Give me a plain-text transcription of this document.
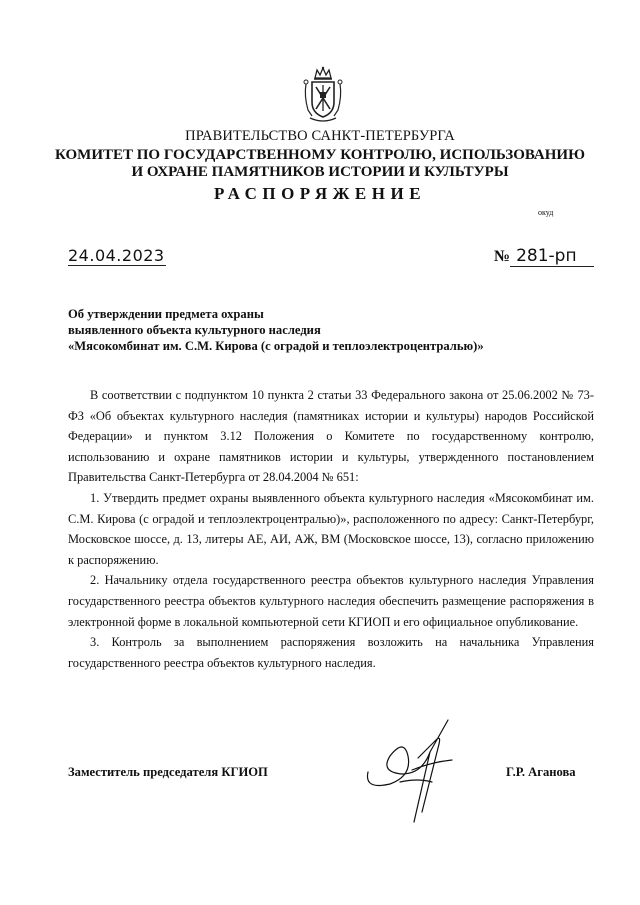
ПРАВИТЕЛЬСТВО САНКТ-ПЕТЕРБУРГА
КОМИТЕТ ПО ГОСУДАРСТВЕННОМУ КОНТРОЛЮ, ИСПОЛЬЗОВАНИЮ
И ОХРАНЕ ПАМЯТНИКОВ ИСТОРИИ И КУЛЬТУРЫ
РАСПОРЯЖЕНИЕ
окуд
24.04.2023	№ 281-рп
Об утверждении предмета охраны
выявленного объекта культурного наследия
«Мясокомбинат им. С.М. Кирова (с оградой и теплоэлектроцентралью)»

В соответствии с подпунктом 10 пункта 2 статьи 33 Федерального закона от 25.06.2002 № 73-ФЗ «Об объектах культурного наследия (памятниках истории и культуры) народов Российской Федерации» и пунктом 3.12 Положения о Комитете по государственному контролю, использованию и охране памятников истории и культуры, утвержденного постановлением Правительства Санкт-Петербурга от 28.04.2004 № 651:

1. Утвердить предмет охраны выявленного объекта культурного наследия «Мясокомбинат им. С.М. Кирова (с оградой и теплоэлектроцентралью)», расположенного по адресу: Санкт-Петербург, Московское шоссе, д. 13, литеры АЕ, АИ, АЖ, ВМ (Московское шоссе, 13), согласно приложению к распоряжению.

2. Начальнику отдела государственного реестра объектов культурного наследия Управления государственного реестра объектов культурного наследия обеспечить размещение распоряжения в электронной форме в локальной компьютерной сети КГИОП и его официальное опубликование.

3. Контроль за выполнением распоряжения возложить на начальника Управления государственного реестра объектов культурного наследия.

Заместитель председателя КГИОП	Г.Р. Аганова
